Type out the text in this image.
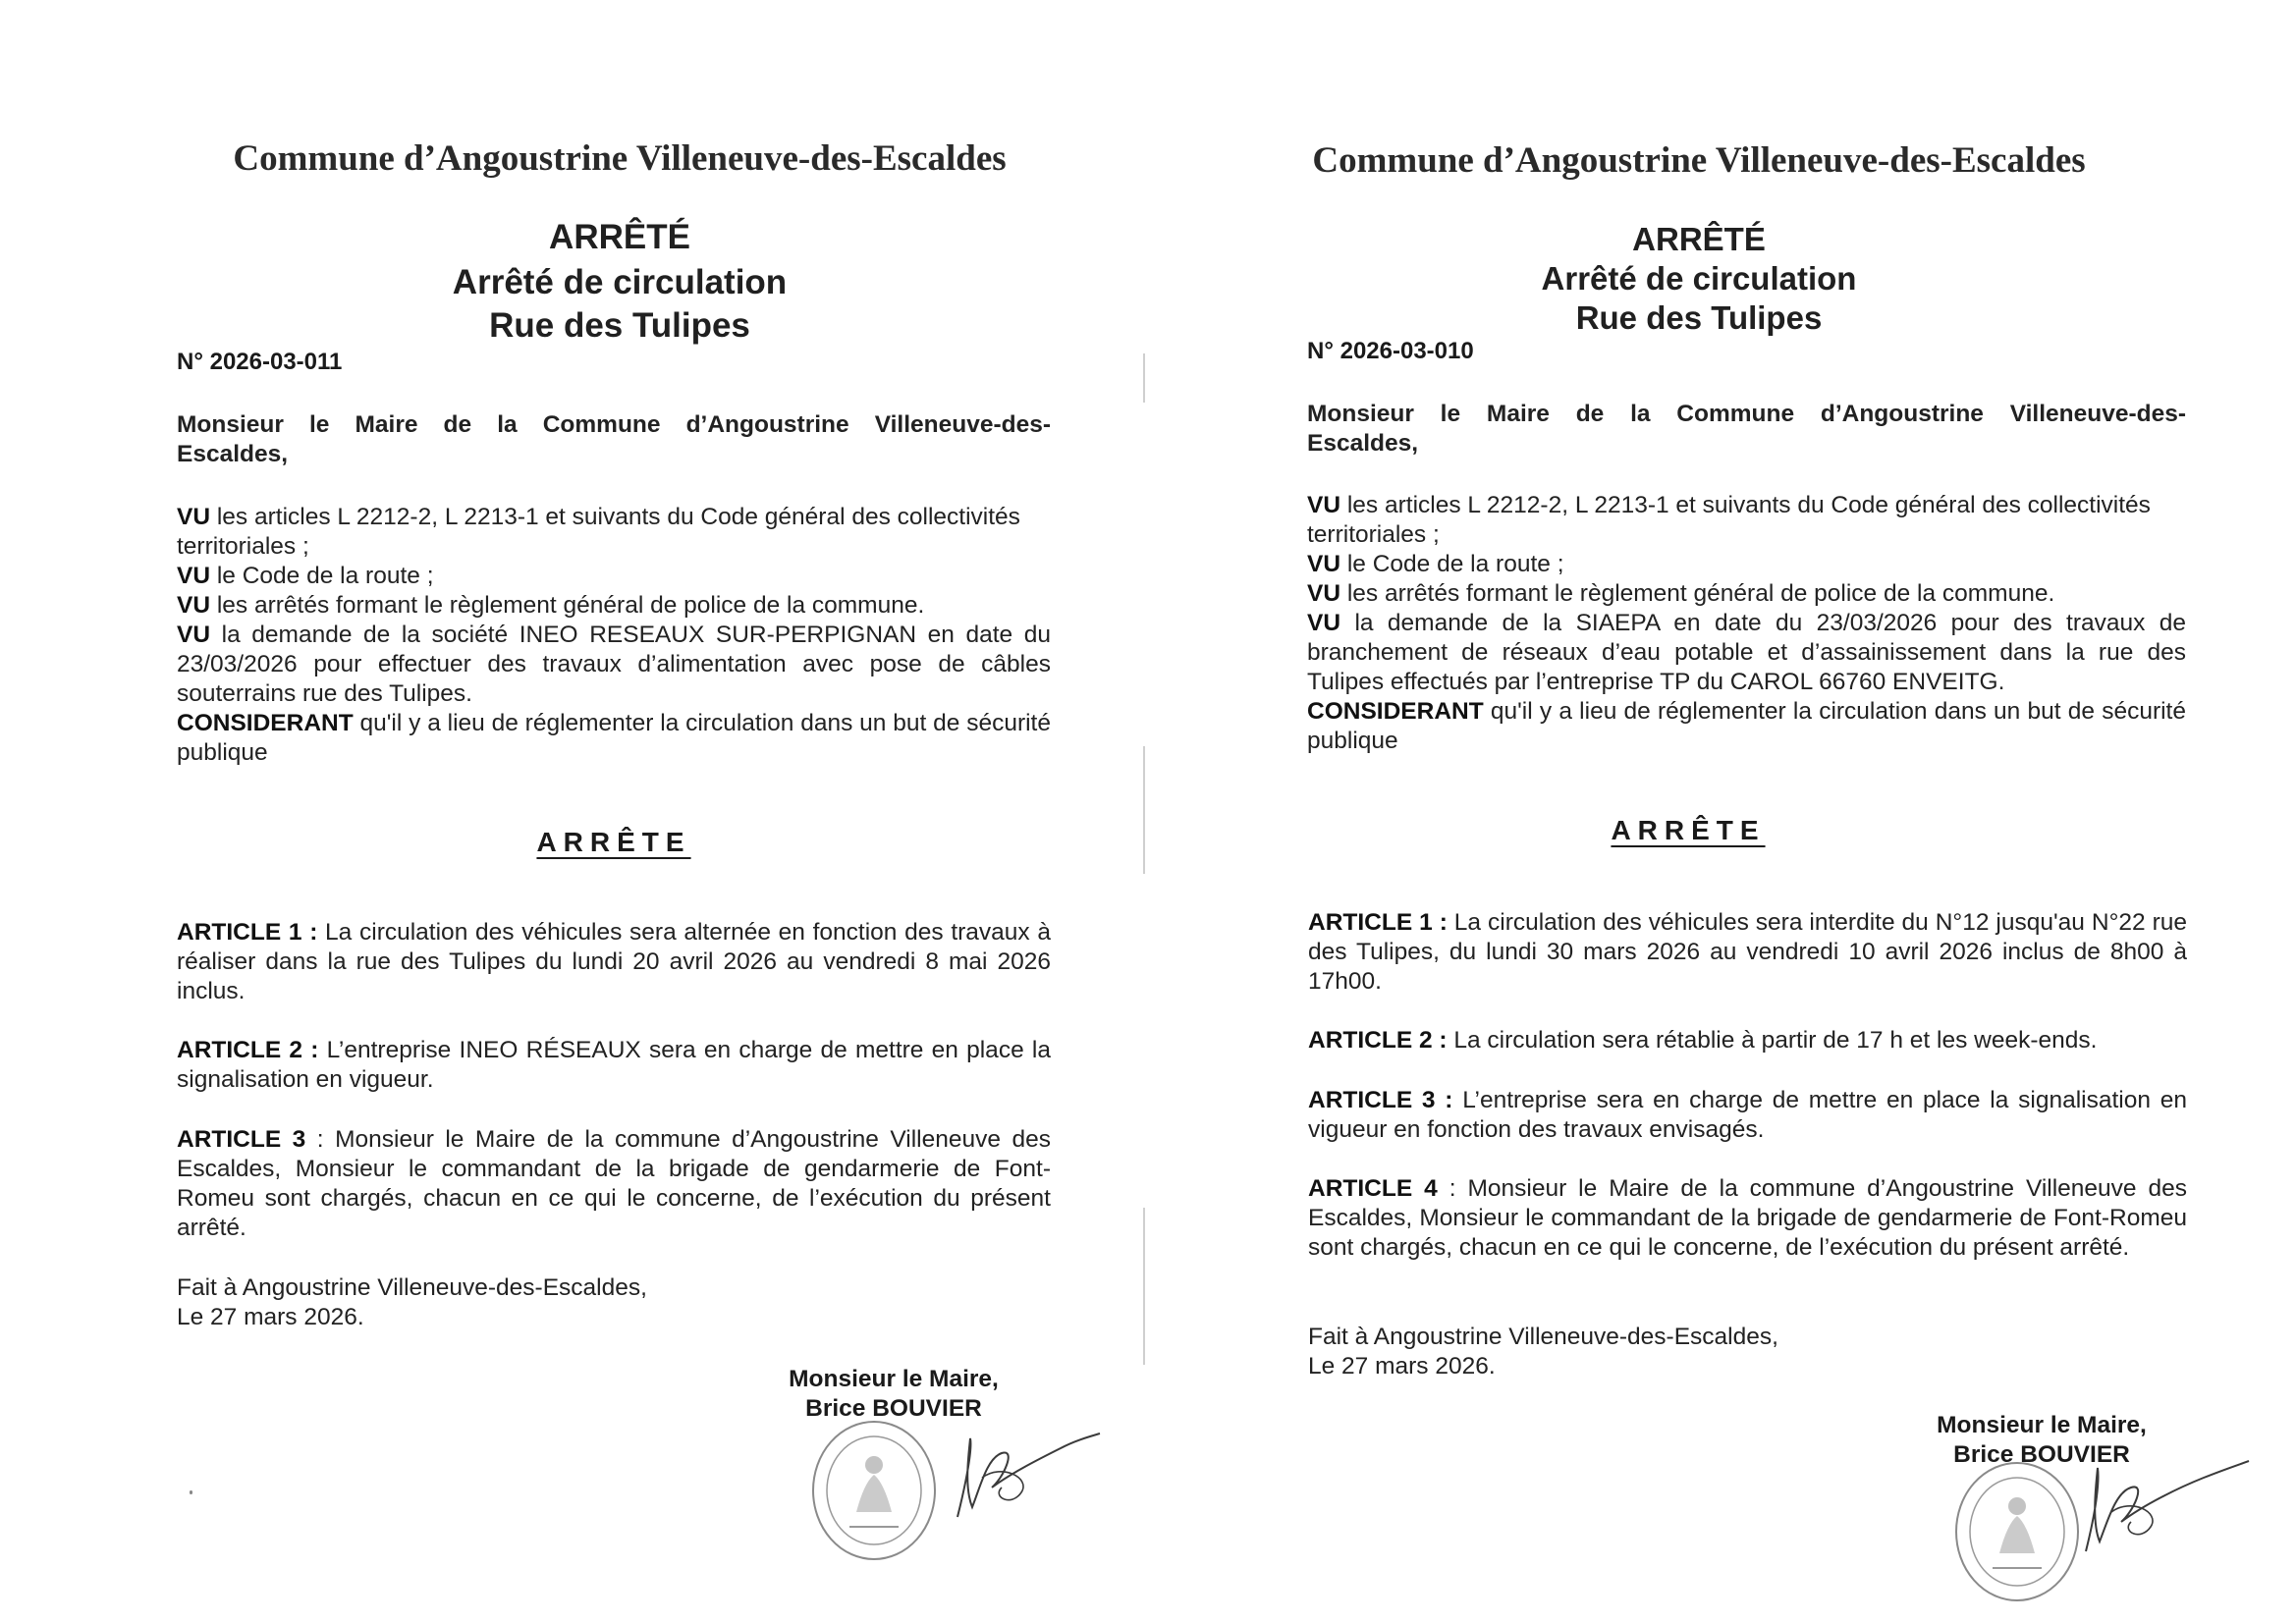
Commune d’Angoustrine Villeneuve-des-Escaldes
ARRÊTÉ
Arrêté de circulation
Rue des Tulipes
N° 2026-03-011
Monsieur le Maire de la Commune d’Angoustrine Villeneuve-des-Escaldes,
VU les articles L 2212-2, L 2213-1 et suivants du Code général des collectivités territoriales ;
VU le Code de la route ;
VU les arrêtés formant le règlement général de police de la commune.
VU la demande de la société INEO RESEAUX SUR-PERPIGNAN en date du 23/03/2026 pour effectuer des travaux d’alimentation avec pose de câbles souterrains rue des Tulipes.
CONSIDERANT qu'il y a lieu de réglementer la circulation dans un but de sécurité publique
ARRÊTE
ARTICLE 1 : La circulation des véhicules sera alternée en fonction des travaux à réaliser dans la rue des Tulipes du lundi 20 avril 2026 au vendredi 8 mai 2026 inclus.
ARTICLE 2 : L’entreprise INEO RÉSEAUX sera en charge de mettre en place la signalisation en vigueur.
ARTICLE 3 : Monsieur le Maire de la commune d’Angoustrine Villeneuve des Escaldes, Monsieur le commandant de la brigade de gendarmerie de Font-Romeu sont chargés, chacun en ce qui le concerne, de l’exécution du présent arrêté.
Fait à Angoustrine Villeneuve-des-Escaldes,
Le 27 mars 2026.
Monsieur le Maire,
Brice BOUVIER
Commune d’Angoustrine Villeneuve-des-Escaldes
ARRÊTÉ
Arrêté de circulation
Rue des Tulipes
N° 2026-03-010
Monsieur le Maire de la Commune d’Angoustrine Villeneuve-des-Escaldes,
VU les articles L 2212-2, L 2213-1 et suivants du Code général des collectivités territoriales ;
VU le Code de la route ;
VU les arrêtés formant le règlement général de police de la commune.
VU la demande de la SIAEPA en date du 23/03/2026 pour des travaux de branchement de réseaux d’eau potable et d’assainissement dans la rue des Tulipes effectués par l’entreprise TP du CAROL 66760 ENVEITG.
CONSIDERANT qu'il y a lieu de réglementer la circulation dans un but de sécurité publique
ARRÊTE
ARTICLE 1 : La circulation des véhicules sera interdite du N°12 jusqu'au N°22 rue des Tulipes, du lundi 30 mars 2026 au vendredi 10 avril 2026 inclus de 8h00 à 17h00.
ARTICLE 2 : La circulation sera rétablie à partir de 17 h et les week-ends.
ARTICLE 3 : L’entreprise sera en charge de mettre en place la signalisation en vigueur en fonction des travaux envisagés.
ARTICLE 4 : Monsieur le Maire de la commune d’Angoustrine Villeneuve des Escaldes, Monsieur le commandant de la brigade de gendarmerie de Font-Romeu sont chargés, chacun en ce qui le concerne, de l’exécution du présent arrêté.
Fait à Angoustrine Villeneuve-des-Escaldes,
Le 27 mars 2026.
Monsieur le Maire,
Brice BOUVIER
